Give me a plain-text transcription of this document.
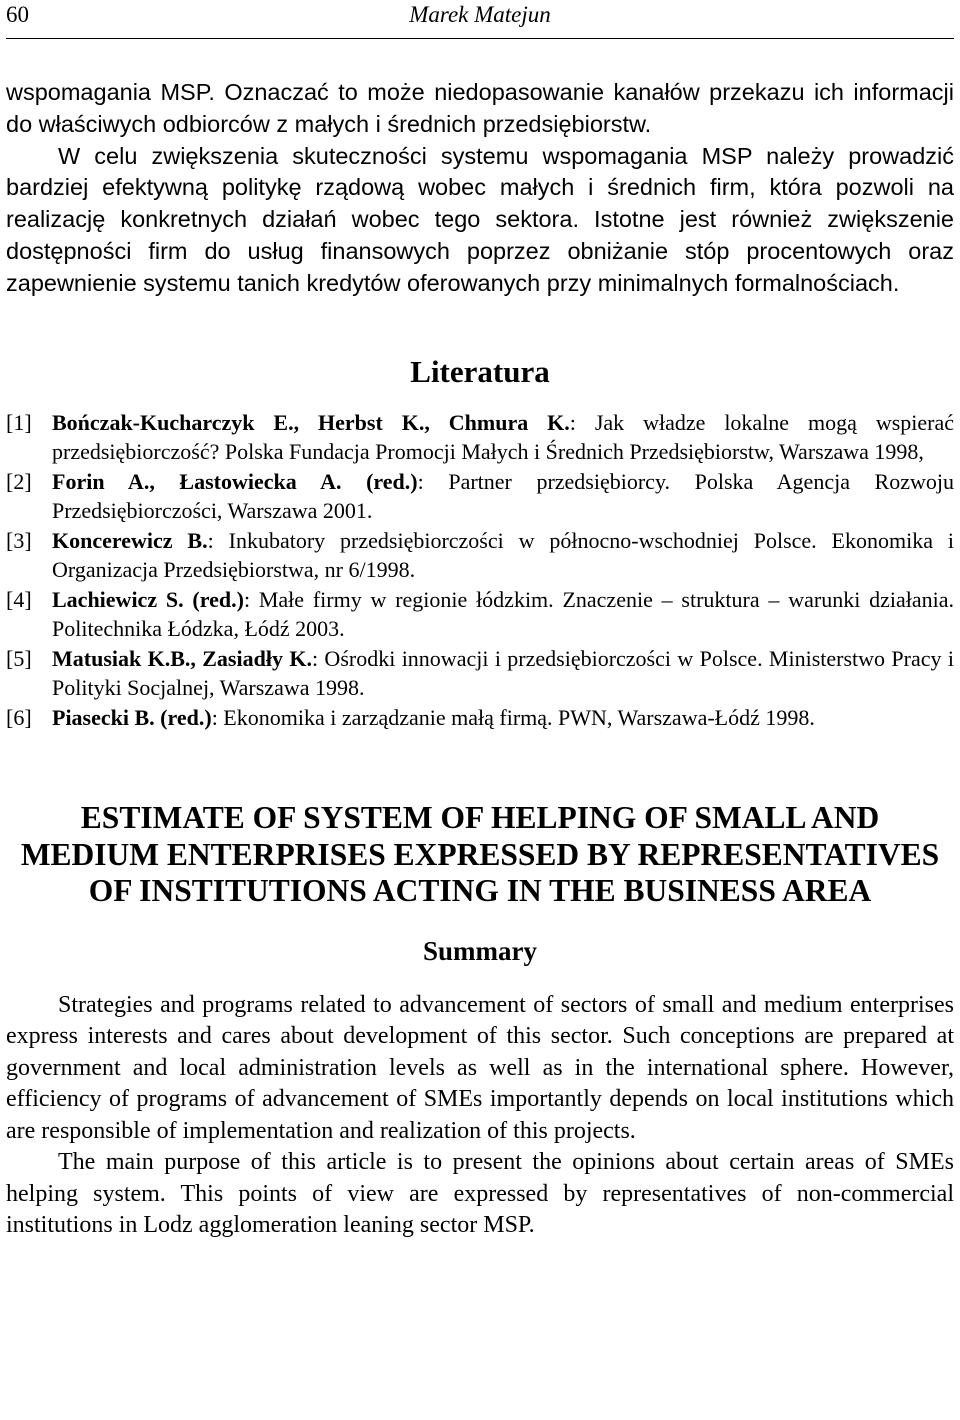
60	Marek Matejun

wspomagania MSP. Oznaczać to może niedopasowanie kanałów przekazu ich informacji do właściwych odbiorców z małych i średnich przedsiębiorstw.

W celu zwiększenia skuteczności systemu wspomagania MSP należy prowadzić bardziej efektywną politykę rządową wobec małych i średnich firm, która pozwoli na realizację konkretnych działań wobec tego sektora. Istotne jest również zwiększenie dostępności firm do usług finansowych poprzez obniżanie stóp procentowych oraz zapewnienie systemu tanich kredytów oferowanych przy minimalnych formalnościach.

Literatura
[1] Bończak-Kucharczyk E., Herbst K., Chmura K.: Jak władze lokalne mogą wspierać przedsiębiorczość? Polska Fundacja Promocji Małych i Średnich Przedsiębiorstw, Warszawa 1998,
[2] Forin A., Łastowiecka A. (red.): Partner przedsiębiorcy. Polska Agencja Rozwoju Przedsiębiorczości, Warszawa 2001.
[3] Koncerewicz B.: Inkubatory przedsiębiorczości w północno-wschodniej Polsce. Ekonomika i Organizacja Przedsiębiorstwa, nr 6/1998.
[4] Lachiewicz S. (red.): Małe firmy w regionie łódzkim. Znaczenie – struktura – warunki działania. Politechnika Łódzka, Łódź 2003.
[5] Matusiak K.B., Zasiadły K.: Ośrodki innowacji i przedsiębiorczości w Polsce. Ministerstwo Pracy i Polityki Socjalnej, Warszawa 1998.
[6] Piasecki B. (red.): Ekonomika i zarządzanie małą firmą. PWN, Warszawa-Łódź 1998.
ESTIMATE OF SYSTEM OF HELPING OF SMALL AND
MEDIUM ENTERPRISES EXPRESSED BY REPRESENTATIVES
OF INSTITUTIONS ACTING IN THE BUSINESS AREA
Summary

Strategies and programs related to advancement of sectors of small and medium enterprises express interests and cares about development of this sector. Such conceptions are prepared at government and local administration levels as well as in the international sphere. However, efficiency of programs of advancement of SMEs importantly depends on local institutions which are responsible of implementation and realization of this projects.

The main purpose of this article is to present the opinions about certain areas of SMEs helping system. This points of view are expressed by representatives of non-commercial institutions in Lodz agglomeration leaning sector MSP.
